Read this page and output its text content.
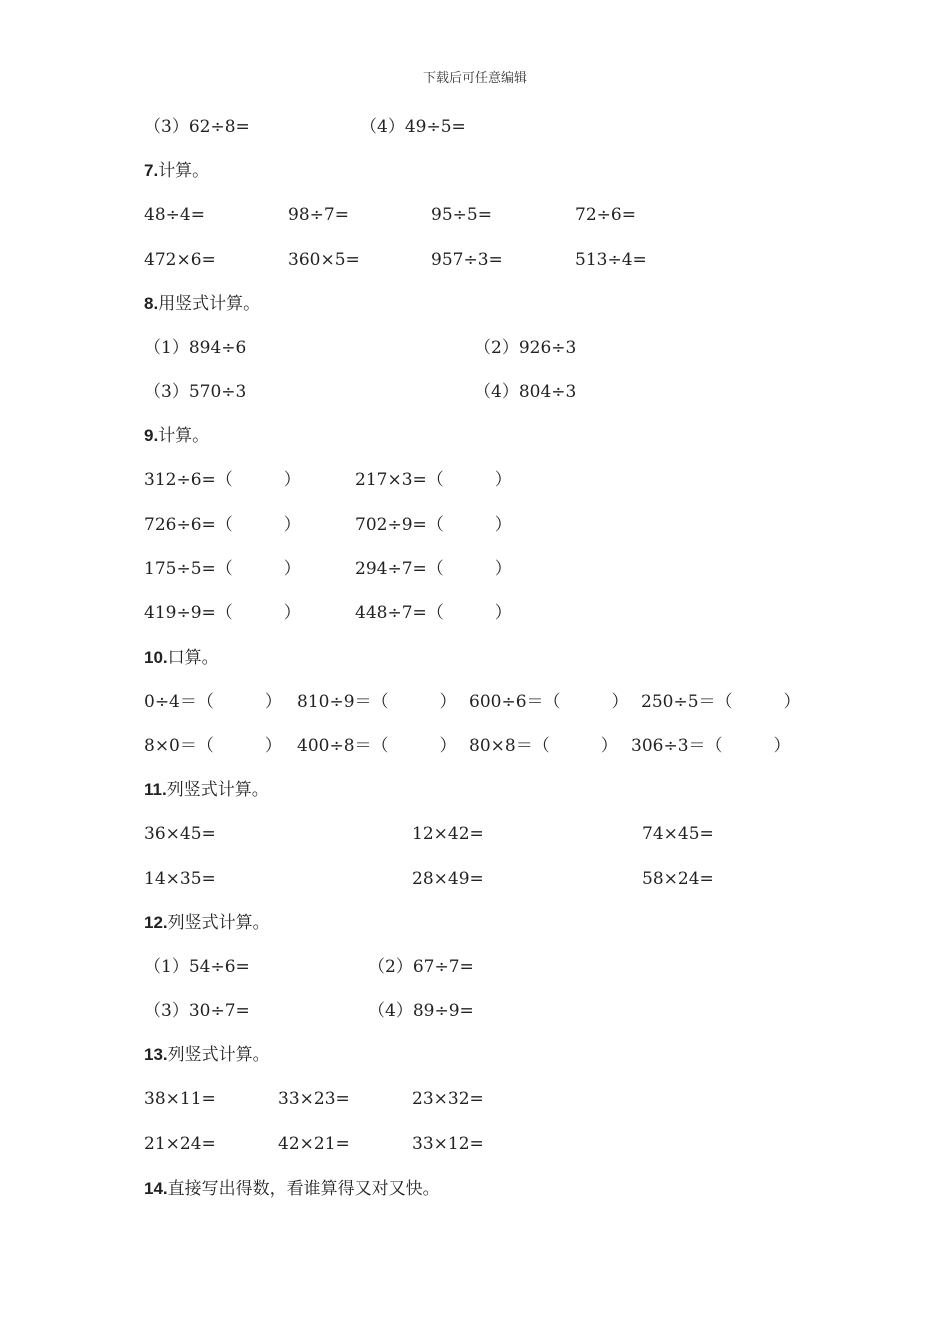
下载后可任意编辑
（3）62÷8=	（4）49÷5=
7.计算。
48÷4=	98÷7=	95÷5=	72÷6=
472×6=	360×5=	957÷3=	513÷4=
8.用竖式计算。
（1）894÷6	（2）926÷3
（3）570÷3	（4）804÷3
9.计算。
312÷6=（　　　）	217×3=（　　　）
726÷6=（　　　）	702÷9=（　　　）
175÷5=（　　　）	294÷7=（　　　）
419÷9=（　　　）	448÷7=（　　　）
10.口算。
0÷4＝（　　　） 810÷9＝（　　　） 600÷6＝（　　　） 250÷5＝（　　　）
8×0＝（　　　） 400÷8＝（　　　） 80×8＝（　　　） 306÷3＝（　　　）
11.列竖式计算。
36×45=	12×42=	74×45=
14×35=	28×49=	58×24=
12.列竖式计算。
（1）54÷6=	（2）67÷7=
（3）30÷7=	（4）89÷9=
13.列竖式计算。
38×11=	33×23=	23×32=
21×24=	42×21=	33×12=
14.直接写出得数，看谁算得又对又快。
